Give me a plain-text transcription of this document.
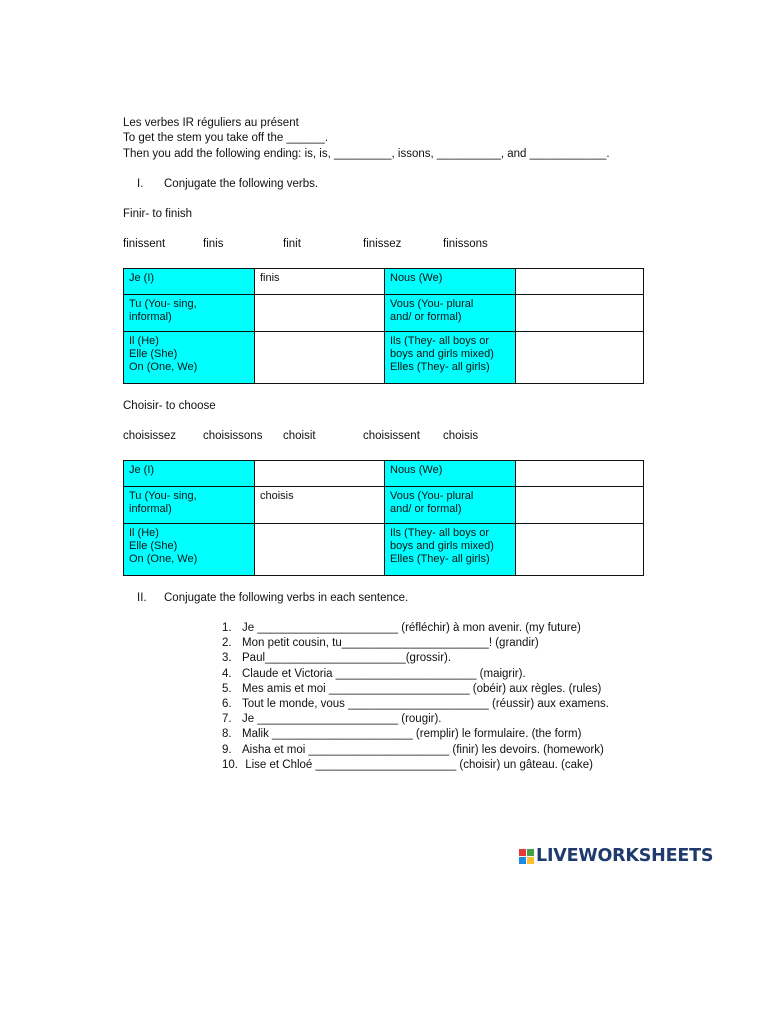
Les verbes IR réguliers au présent
To get the stem you take off the ______.
Then you add the following ending: is, is, _________, issons, __________, and ____________.
I. Conjugate the following verbs.
Finir- to finish
finissent	finis	finit	finissez	finissons
Je (I)	finis	Nous (We)	

Tu (You- sing,
informal)		Vous (You- plural
and/ or formal)	

Il (He)
Elle (She)
On (One, We)		Ils (They- all boys or
boys and girls mixed)
Elles (They- all girls)	

Choisir- to choose
choisissez choisissons choisit	choisissent choisis
Je (I)		Nous (We)	

Tu (You- sing,
informal)	choisis	Vous (You- plural
and/ or formal)	

Il (He)
Elle (She)
On (One, We)		Ils (They- all boys or
boys and girls mixed)
Elles (They- all girls)	

II. Conjugate the following verbs in each sentence.
1. Je ______________________ (réfléchir) à mon avenir. (my future)
2. Mon petit cousin, tu_______________________! (grandir)
3. Paul______________________(grossir).
4. Claude et Victoria ______________________ (maigrir).
5. Mes amis et moi ______________________ (obéir) aux règles. (rules)
6. Tout le monde, vous ______________________ (réussir) aux examens.
7. Je ______________________ (rougir).
8. Malik ______________________ (remplir) le formulaire. (the form)
9. Aisha et moi ______________________ (finir) les devoirs. (homework)
10. Lise et Chloé ______________________ (choisir) un gâteau. (cake)
LIVEWORKSHEETS
